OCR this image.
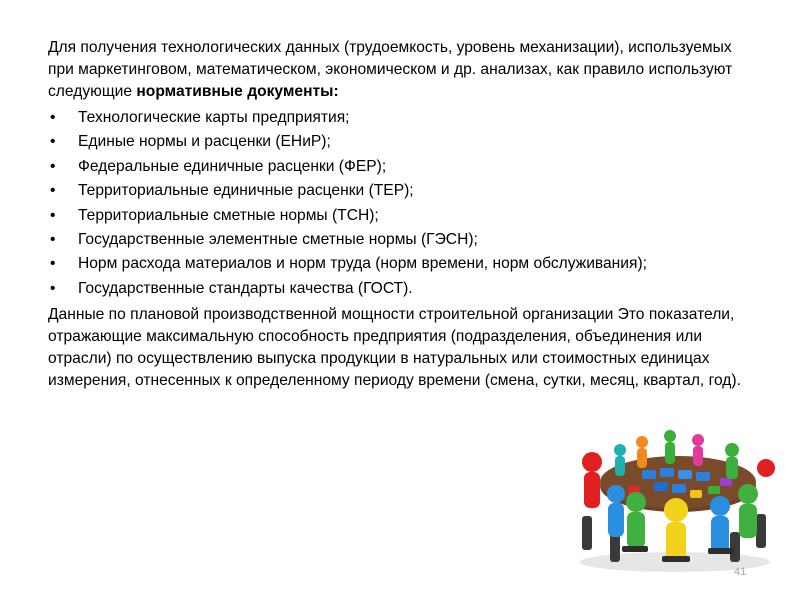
Для получения технологических данных (трудоемкость, уровень механизации), используемых при маркетинговом, математическом, экономическом и др. анализах, как правило используют следующие нормативные документы:

• Технологические карты предприятия;
• Единые нормы и расценки (ЕНиР);
• Федеральные единичные расценки (ФЕР);
• Территориальные единичные расценки (ТЕР);
• Территориальные сметные нормы (ТСН);
• Государственные элементные сметные нормы (ГЭСН);
• Норм расхода материалов и норм труда (норм времени, норм обслуживания);
• Государственные стандарты качества (ГОСТ).

Данные по плановой производственной мощности строительной организации Это показатели, отражающие максимальную способность предприятия (подразделения, объединения или отрасли) по осуществлению выпуска продукции в натуральных или стоимостных единицах измерения, отнесенных к определенному периоду времени (смена, сутки, месяц, квартал, год).

41
